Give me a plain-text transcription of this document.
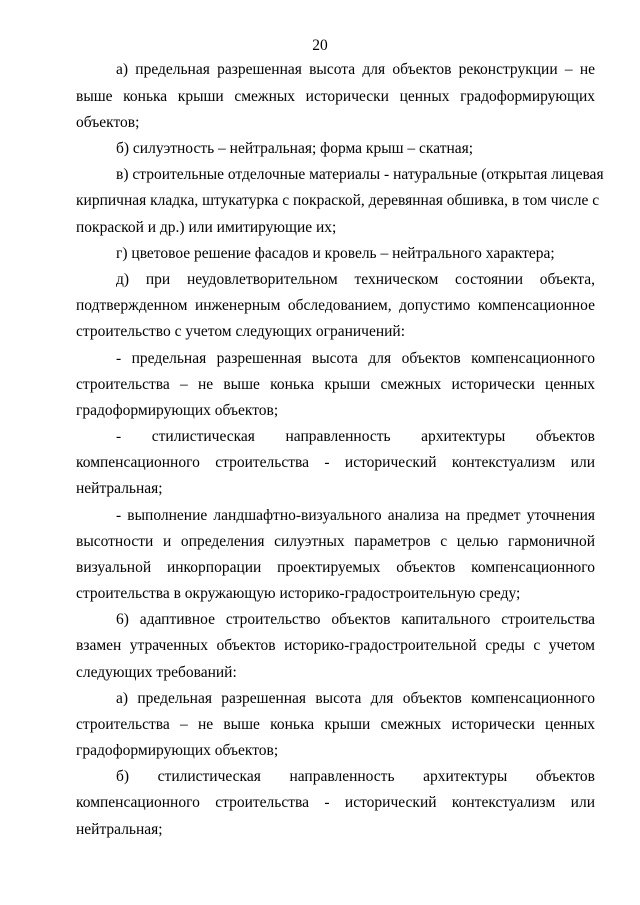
20
а) предельная разрешенная высота для объектов реконструкции – не
выше конька крыши смежных исторически ценных градоформирующих
объектов;
б) силуэтность – нейтральная; форма крыш – скатная;
в) строительные отделочные материалы - натуральные (открытая лицевая
кирпичная кладка, штукатурка с покраской, деревянная обшивка, в том числе с
покраской и др.) или имитирующие их;
г) цветовое решение фасадов и кровель – нейтрального характера;
д) при неудовлетворительном техническом состоянии объекта,
подтвержденном инженерным обследованием, допустимо компенсационное
строительство с учетом следующих ограничений:
- предельная разрешенная высота для объектов компенсационного
строительства – не выше конька крыши смежных исторически ценных
градоформирующих объектов;
- стилистическая направленность архитектуры объектов
компенсационного строительства - исторический контекстуализм или
нейтральная;
- выполнение ландшафтно-визуального анализа на предмет уточнения
высотности и определения силуэтных параметров с целью гармоничной
визуальной инкорпорации проектируемых объектов компенсационного
строительства в окружающую историко-градостроительную среду;
6) адаптивное строительство объектов капитального строительства
взамен утраченных объектов историко-градостроительной среды с учетом
следующих требований:
а) предельная разрешенная высота для объектов компенсационного
строительства – не выше конька крыши смежных исторически ценных
градоформирующих объектов;
б) стилистическая направленность архитектуры объектов
компенсационного строительства - исторический контекстуализм или
нейтральная;
